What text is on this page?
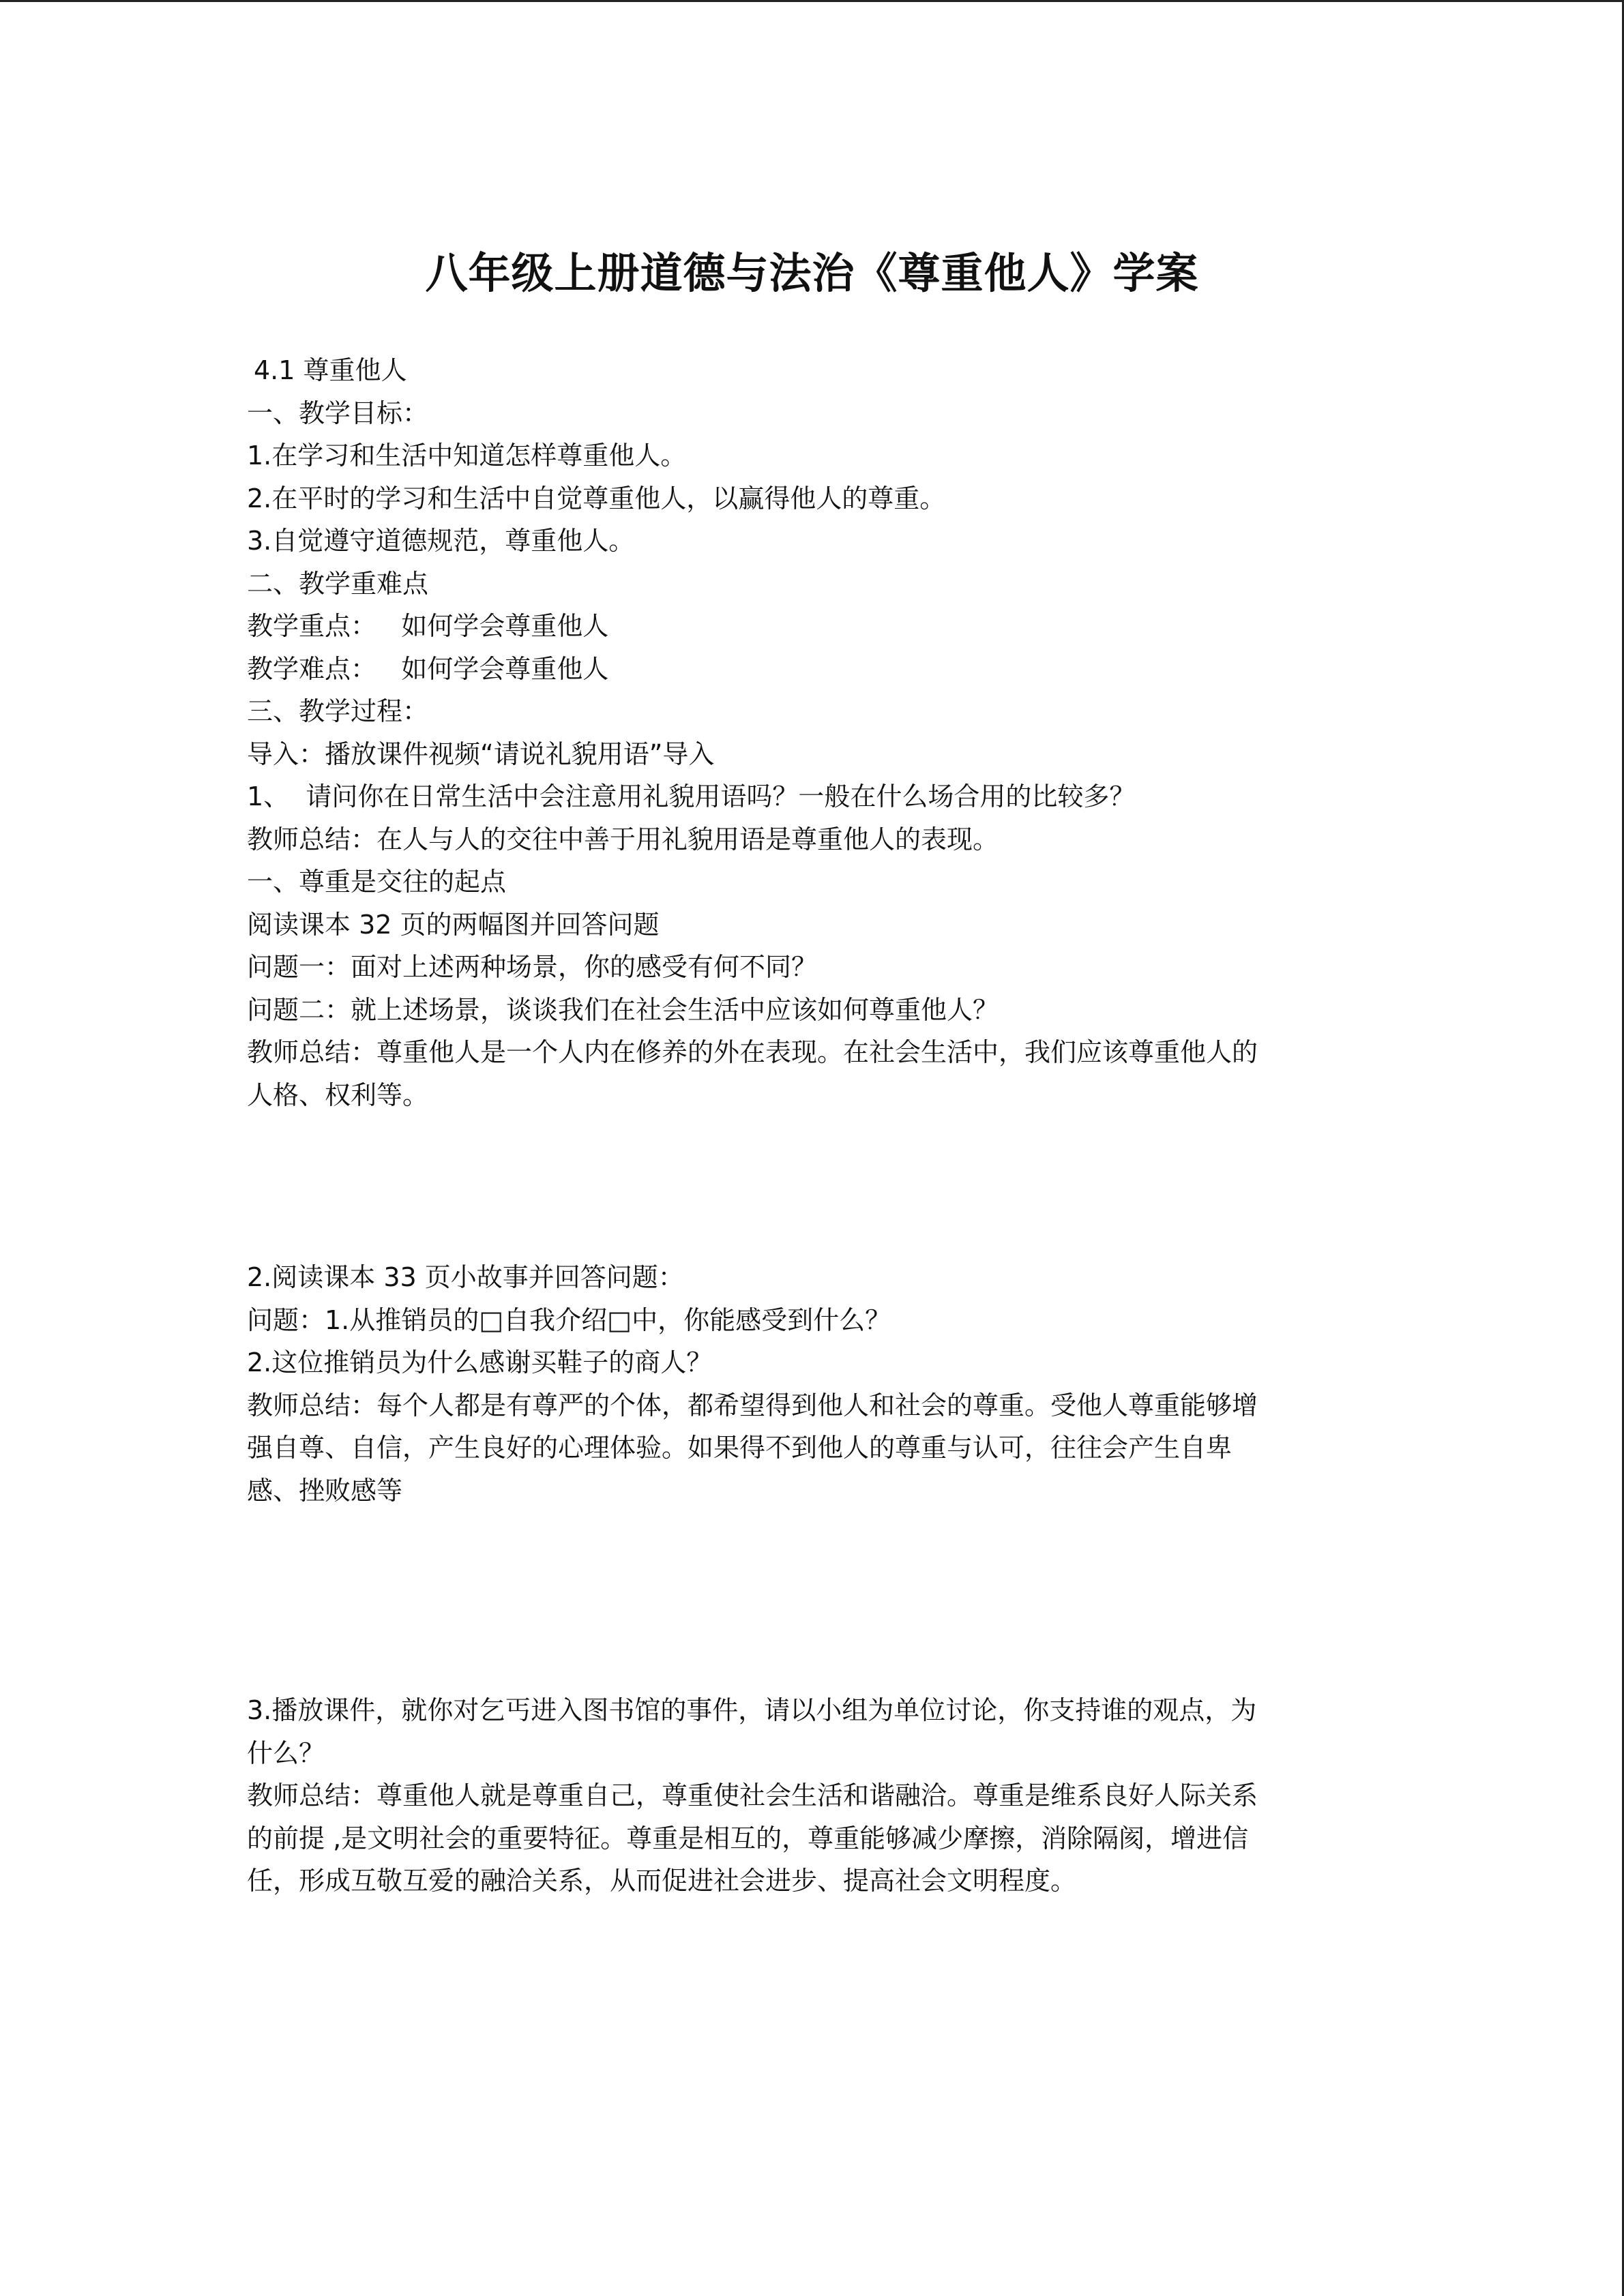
八年级上册道德与法治《尊重他人》学案

4.1 尊重他人

一、教学目标：

1.在学习和生活中知道怎样尊重他人。

2.在平时的学习和生活中自觉尊重他人，以赢得他人的尊重。

3.自觉遵守道德规范，尊重他人。

二、教学重难点

教学重点：   如何学会尊重他人

教学难点：   如何学会尊重他人

三、教学过程：

导入：播放课件视频“请说礼貌用语”导入

1、  请问你在日常生活中会注意用礼貌用语吗？一般在什么场合用的比较多？

教师总结：在人与人的交往中善于用礼貌用语是尊重他人的表现。

一、尊重是交往的起点

阅读课本 32 页的两幅图并回答问题

问题一：面对上述两种场景，你的感受有何不同？

问题二：就上述场景，谈谈我们在社会生活中应该如何尊重他人？

教师总结：尊重他人是一个人内在修养的外在表现。在社会生活中，我们应该尊重他人的

人格、权利等。

2.阅读课本 33 页小故事并回答问题：

问题：1.从推销员的□自我介绍□中，你能感受到什么？

2.这位推销员为什么感谢买鞋子的商人？

教师总结：每个人都是有尊严的个体，都希望得到他人和社会的尊重。受他人尊重能够增

强自尊、自信，产生良好的心理体验。如果得不到他人的尊重与认可，往往会产生自卑

感、挫败感等

3.播放课件，就你对乞丐进入图书馆的事件，请以小组为单位讨论，你支持谁的观点，为

什么？

教师总结：尊重他人就是尊重自己，尊重使社会生活和谐融洽。尊重是维系良好人际关系

的前提 ,是文明社会的重要特征。尊重是相互的，尊重能够减少摩擦，消除隔阂，增进信

任，形成互敬互爱的融洽关系，从而促进社会进步、提高社会文明程度。
